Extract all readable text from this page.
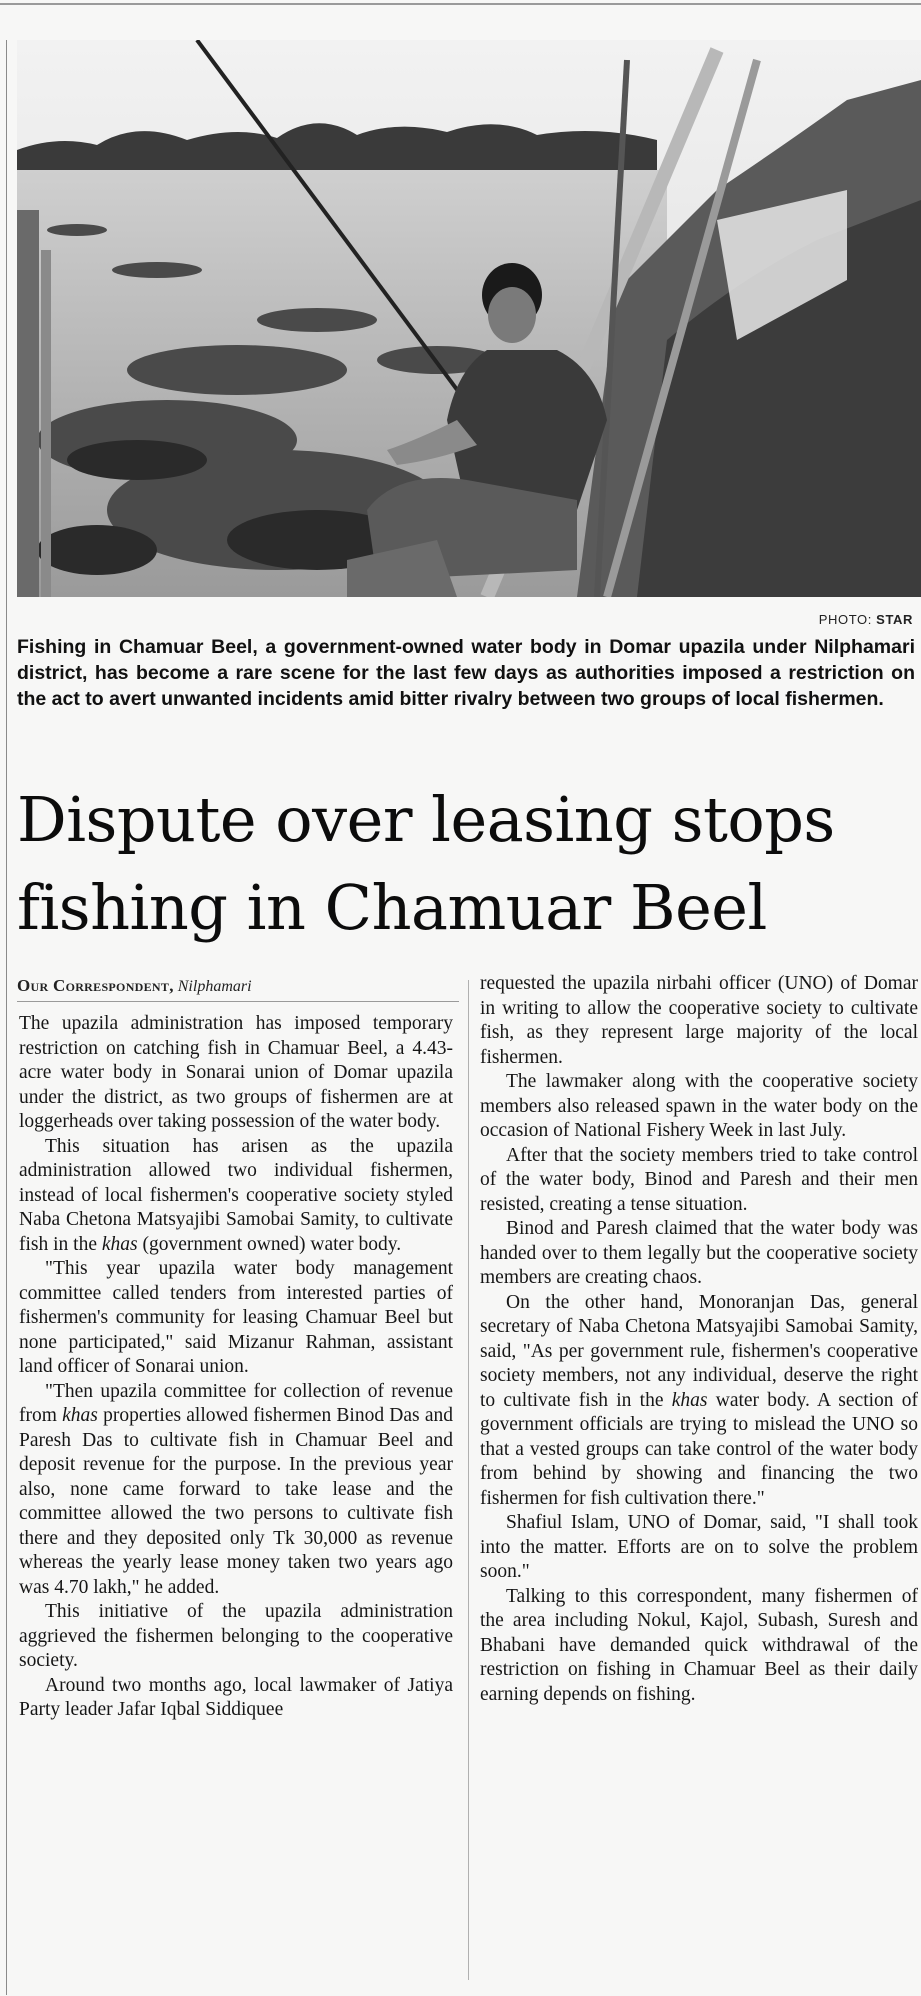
PHOTO: STAR
Fishing in Chamuar Beel, a government-owned water body in Domar upazila under Nilphamari district, has become a rare scene for the last few days as authorities imposed a restriction on the act to avert unwanted incidents amid bitter rivalry between two groups of local fishermen.
Dispute over leasing stops fishing in Chamuar Beel
Our Correspondent, Nilphamari

The upazila administration has imposed temporary restriction on catching fish in Chamuar Beel, a 4.43-acre water body in Sonarai union of Domar upazila under the district, as two groups of fishermen are at loggerheads over taking possession of the water body.

This situation has arisen as the upazila administration allowed two individual fishermen, instead of local fishermen's cooperative society styled Naba Chetona Matsyajibi Samobai Samity, to cultivate fish in the khas (government owned) water body.

"This year upazila water body management committee called tenders from interested parties of fishermen's community for leasing Chamuar Beel but none participated," said Mizanur Rahman, assistant land officer of Sonarai union.

"Then upazila committee for collection of revenue from khas properties allowed fishermen Binod Das and Paresh Das to cultivate fish in Chamuar Beel and deposit revenue for the purpose. In the previous year also, none came forward to take lease and the committee allowed the two persons to cultivate fish there and they deposited only Tk 30,000 as revenue whereas the yearly lease money taken two years ago was 4.70 lakh," he added.

This initiative of the upazila administration aggrieved the fishermen belonging to the cooperative society.

Around two months ago, local lawmaker of Jatiya Party leader Jafar Iqbal Siddiquee

requested the upazila nirbahi officer (UNO) of Domar in writing to allow the cooperative society to cultivate fish, as they represent large majority of the local fishermen.

The lawmaker along with the cooperative society members also released spawn in the water body on the occasion of National Fishery Week in last July.

After that the society members tried to take control of the water body, Binod and Paresh and their men resisted, creating a tense situation.

Binod and Paresh claimed that the water body was handed over to them legally but the cooperative society members are creating chaos.

On the other hand, Monoranjan Das, general secretary of Naba Chetona Matsyajibi Samobai Samity, said, "As per government rule, fishermen's cooperative society members, not any individual, deserve the right to cultivate fish in the khas water body. A section of government officials are trying to mislead the UNO so that a vested groups can take control of the water body from behind by showing and financing the two fishermen for fish cultivation there."

Shafiul Islam, UNO of Domar, said, "I shall took into the matter. Efforts are on to solve the problem soon."

Talking to this correspondent, many fishermen of the area including Nokul, Kajol, Subash, Suresh and Bhabani have demanded quick withdrawal of the restriction on fishing in Chamuar Beel as their daily earning depends on fishing.
